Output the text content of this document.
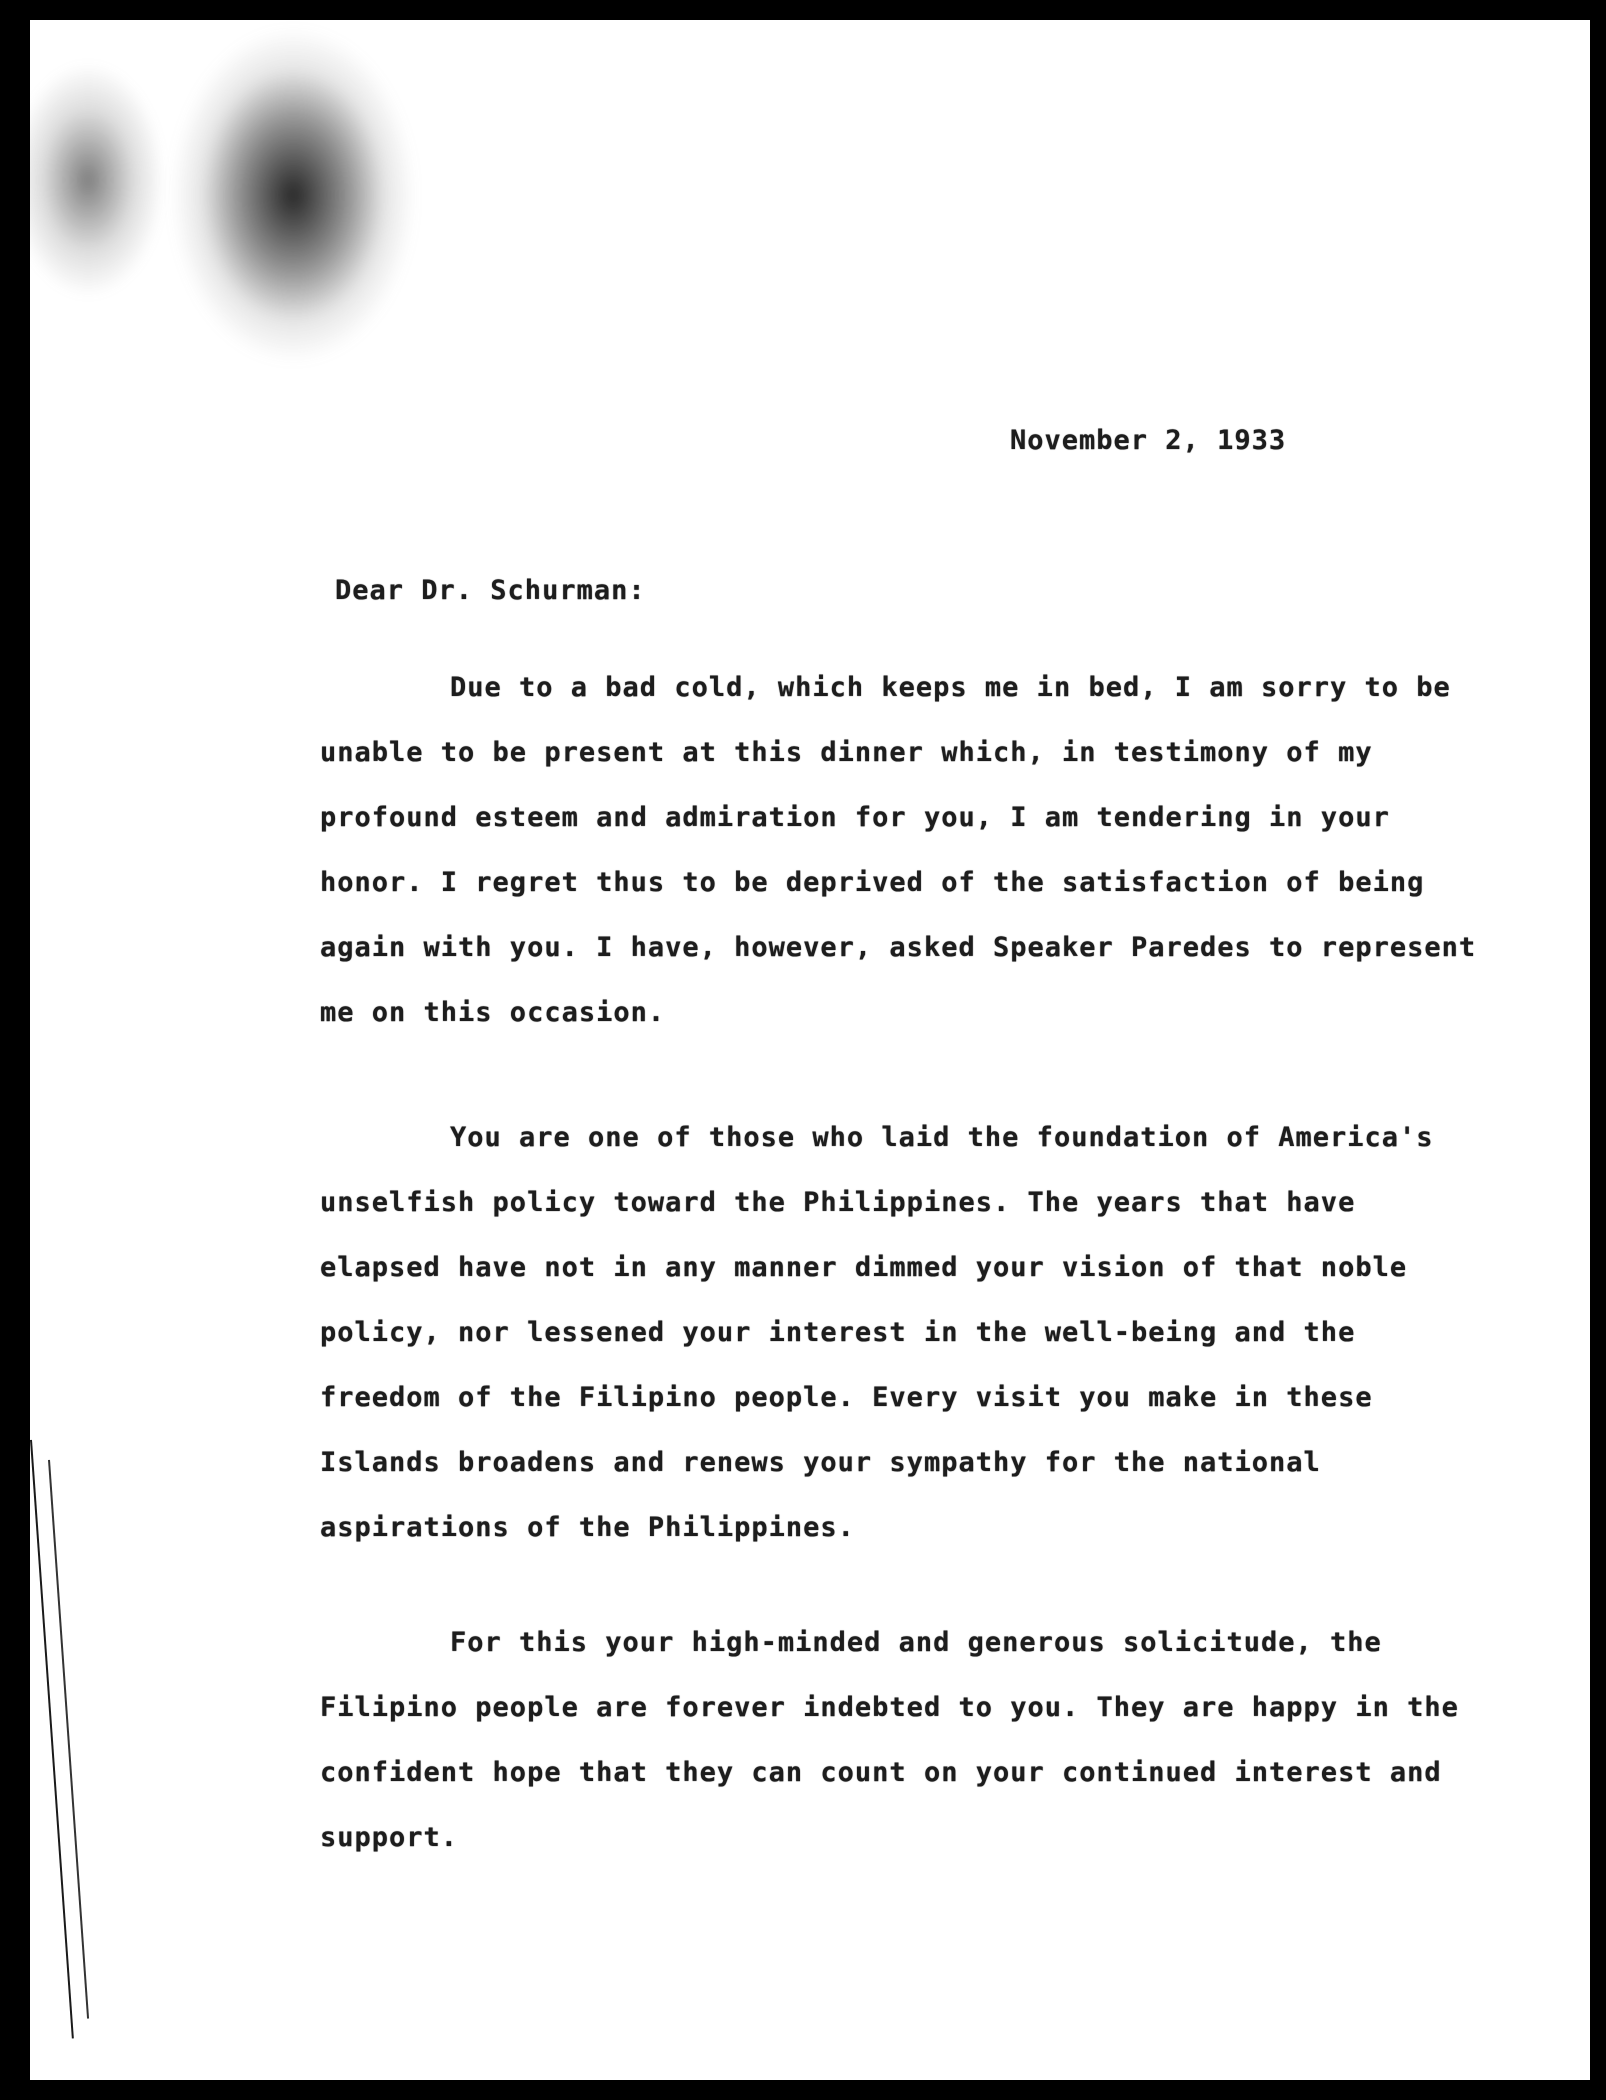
November 2, 1933
Dear Dr. Schurman:

Due to a bad cold, which keeps me in bed, I am sorry to be unable to be present at this dinner which, in testimony of my profound esteem and admiration for you, I am tendering in your honor. I regret thus to be deprived of the satisfaction of being again with you. I have, however, asked Speaker Paredes to represent me on this occasion.

You are one of those who laid the foundation of America's unselfish policy toward the Philippines. The years that have elapsed have not in any manner dimmed your vision of that noble policy, nor lessened your interest in the well-being and the freedom of the Filipino people. Every visit you make in these Islands broadens and renews your sympathy for the national aspirations of the Philippines.

For this your high-minded and generous solicitude, the Filipino people are forever indebted to you. They are happy in the confident hope that they can count on your continued interest and support.
